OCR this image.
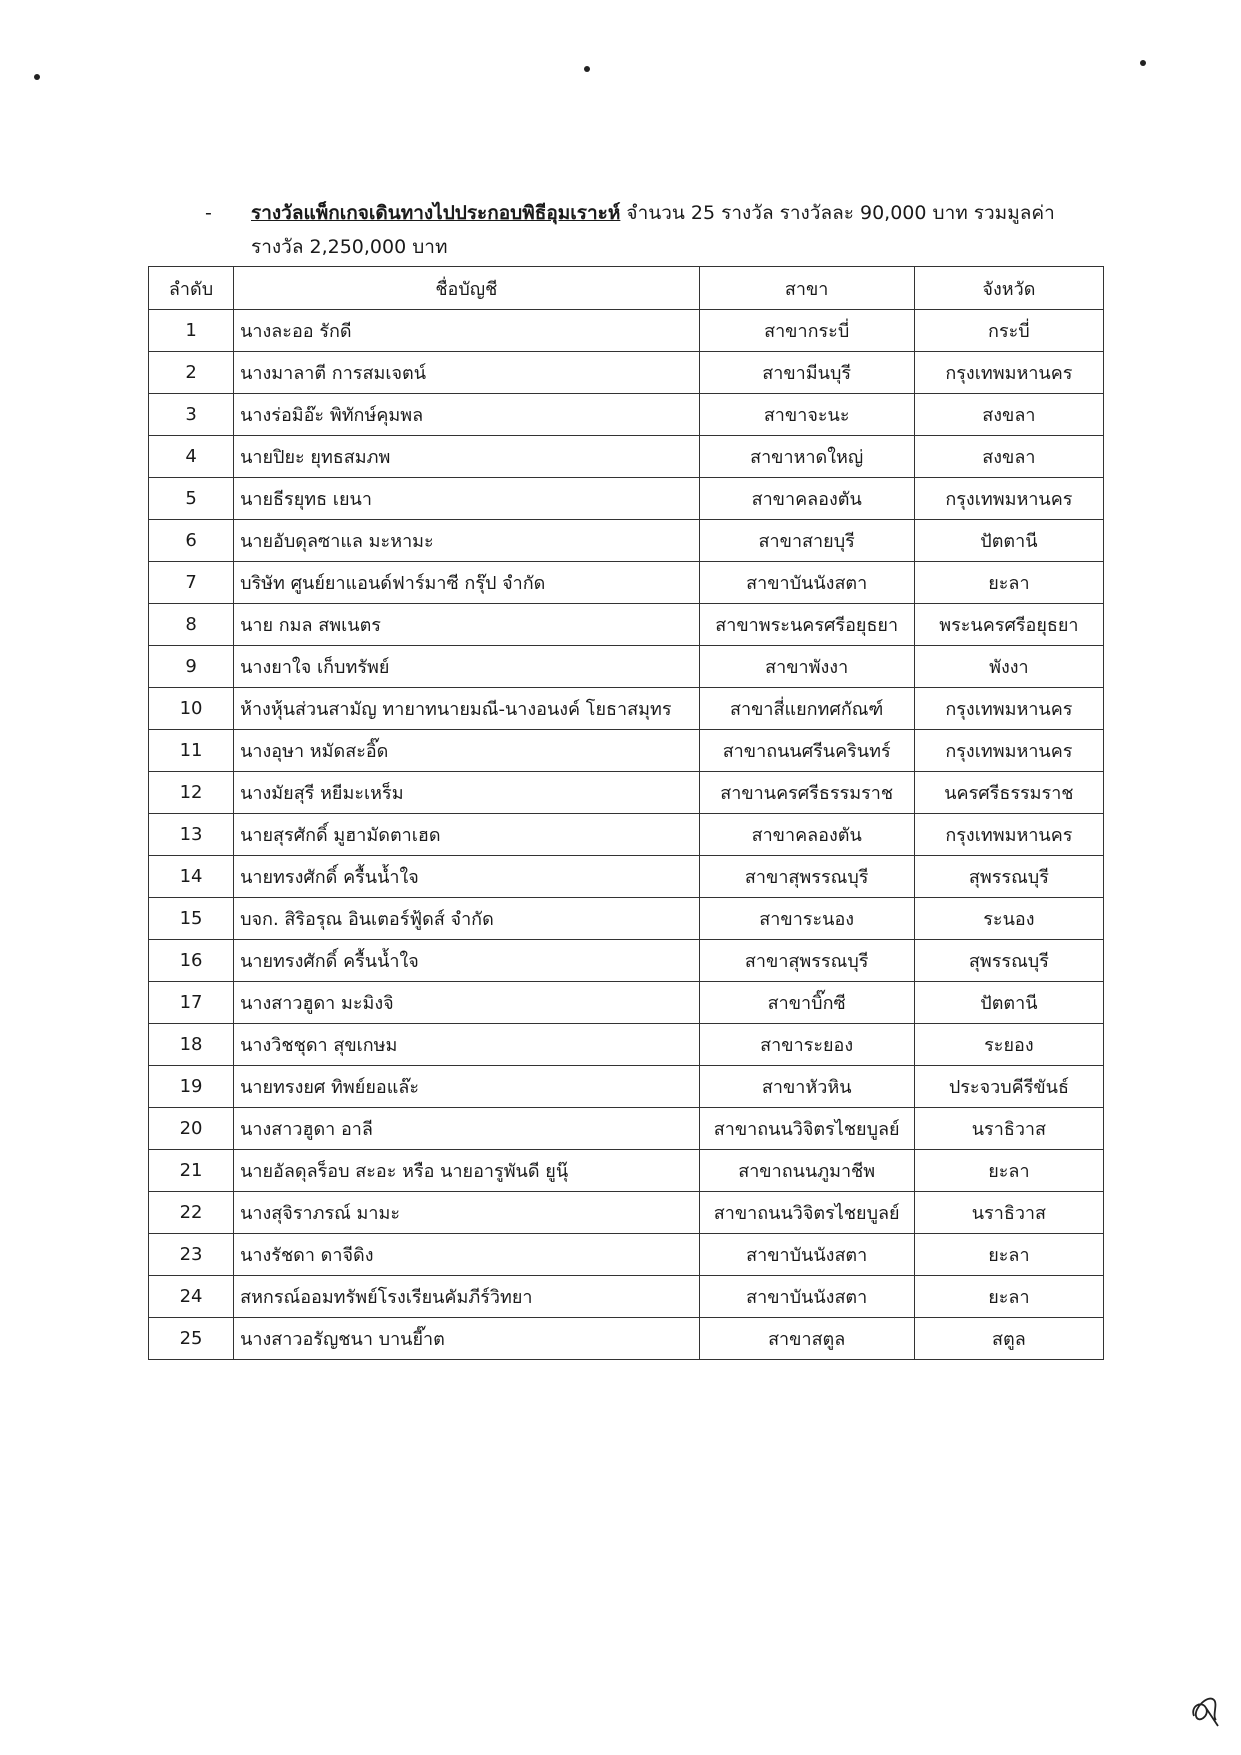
- รางวัลแพ็กเกจเดินทางไปประกอบพิธีอุมเราะห์ จำนวน 25 รางวัล รางวัลละ 90,000 บาท รวมมูลค่า
รางวัล 2,250,000 บาท
ลำดับ	ชื่อบัญชี	สาขา	จังหวัด
1	นางละออ รักดี	สาขากระบี่	กระบี่
2	นางมาลาตี การสมเจตน์	สาขามีนบุรี	กรุงเทพมหานคร
3	นางร่อมิอ๊ะ พิทักษ์คุมพล	สาขาจะนะ	สงขลา
4	นายปิยะ ยุทธสมภพ	สาขาหาดใหญ่	สงขลา
5	นายธีรยุทธ เยนา	สาขาคลองตัน	กรุงเทพมหานคร
6	นายอับดุลซาแล มะหามะ	สาขาสายบุรี	ปัตตานี
7	บริษัท ศูนย์ยาแอนด์ฟาร์มาซี กรุ๊ป จำกัด	สาขาบันนังสตา	ยะลา
8	นาย กมล สพเนตร	สาขาพระนครศรีอยุธยา	พระนครศรีอยุธยา
9	นางยาใจ เก็บทรัพย์	สาขาพังงา	พังงา
10	ห้างหุ้นส่วนสามัญ ทายาทนายมณี-นางอนงค์ โยธาสมุทร	สาขาสี่แยกทศกัณฑ์	กรุงเทพมหานคร
11	นางอุษา หมัดสะอิ๊ด	สาขาถนนศรีนครินทร์	กรุงเทพมหานคร
12	นางมัยสุรี หยีมะเหร็ม	สาขานครศรีธรรมราช	นครศรีธรรมราช
13	นายสุรศักดิ์ มูฮามัดตาเฮด	สาขาคลองตัน	กรุงเทพมหานคร
14	นายทรงศักดิ์ ครื้นน้ำใจ	สาขาสุพรรณบุรี	สุพรรณบุรี
15	บจก. สิริอรุณ อินเตอร์ฟู้ดส์ จำกัด	สาขาระนอง	ระนอง
16	นายทรงศักดิ์ ครื้นน้ำใจ	สาขาสุพรรณบุรี	สุพรรณบุรี
17	นางสาวฮูดา มะมิงจิ	สาขาบิ๊กซี	ปัตตานี
18	นางวิชชุดา สุขเกษม	สาขาระยอง	ระยอง
19	นายทรงยศ ทิพย์ยอแล๊ะ	สาขาหัวหิน	ประจวบคีรีขันธ์
20	นางสาวฮูดา อาลี	สาขาถนนวิจิตรไชยบูลย์	นราธิวาส
21	นายอัลดุลร็อบ สะอะ หรือ นายอารูพันดี ยูนุ๊	สาขาถนนภูมาชีพ	ยะลา
22	นางสุจิราภรณ์ มามะ	สาขาถนนวิจิตรไชยบูลย์	นราธิวาส
23	นางรัชดา ดาจีดิง	สาขาบันนังสตา	ยะลา
24	สหกรณ์ออมทรัพย์โรงเรียนคัมภีร์วิทยา	สาขาบันนังสตา	ยะลา
25	นางสาวอรัญชนา บานยี๊าต	สาขาสตูล	สตูล
